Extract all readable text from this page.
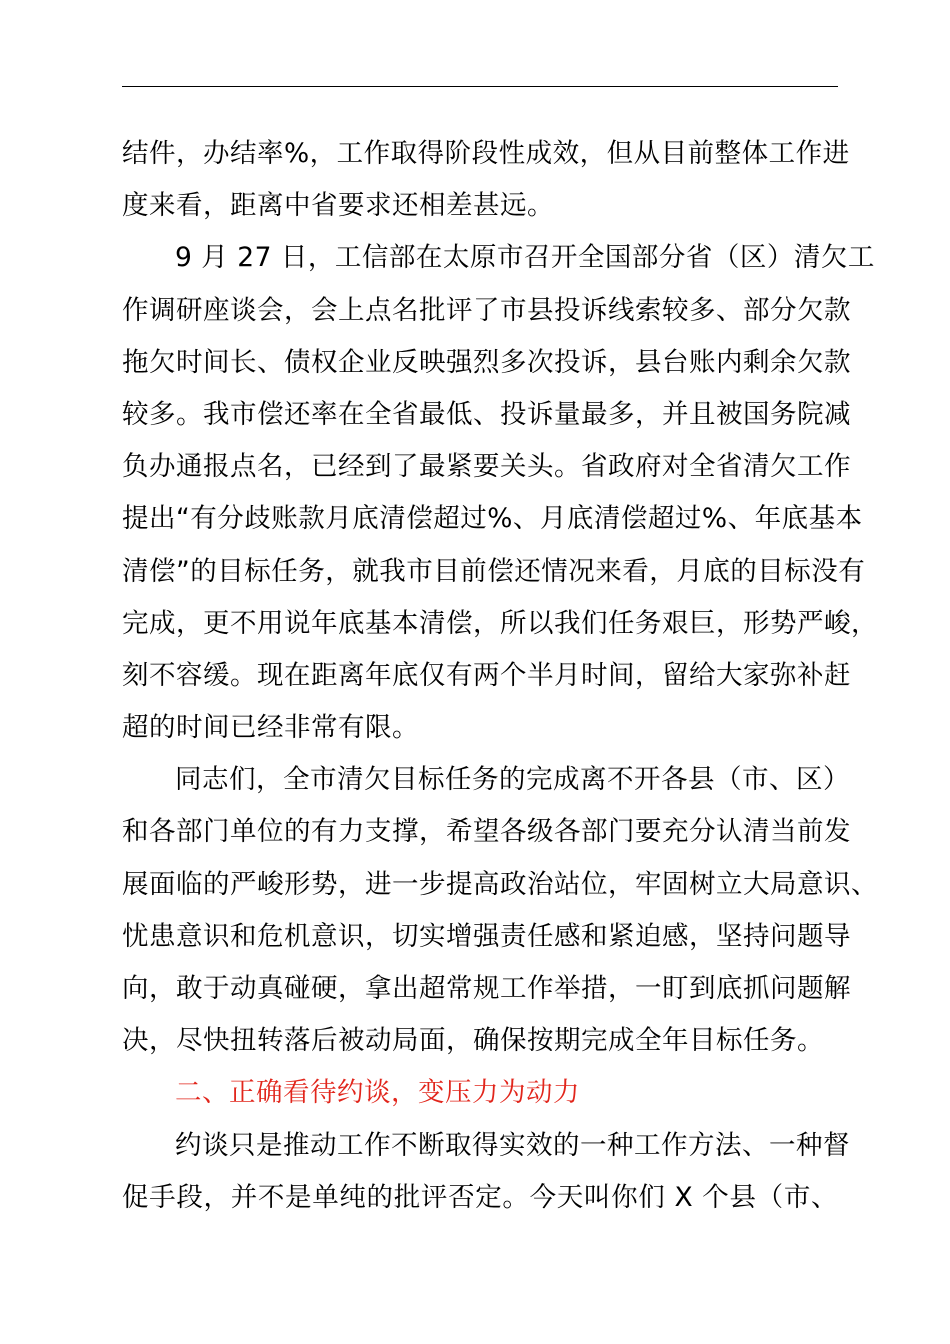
结件，办结率%，工作取得阶段性成效，但从目前整体工作进
度来看，距离中省要求还相差甚远。
9 月 27 日，工信部在太原市召开全国部分省（区）清欠工
作调研座谈会，会上点名批评了市县投诉线索较多、部分欠款
拖欠时间长、债权企业反映强烈多次投诉，县台账内剩余欠款
较多。我市偿还率在全省最低、投诉量最多，并且被国务院减
负办通报点名，已经到了最紧要关头。省政府对全省清欠工作
提出“有分歧账款月底清偿超过%、月底清偿超过%、年底基本
清偿”的目标任务，就我市目前偿还情况来看，月底的目标没有
完成，更不用说年底基本清偿，所以我们任务艰巨，形势严峻，
刻不容缓。现在距离年底仅有两个半月时间，留给大家弥补赶
超的时间已经非常有限。
同志们，全市清欠目标任务的完成离不开各县（市、区）
和各部门单位的有力支撑，希望各级各部门要充分认清当前发
展面临的严峻形势，进一步提高政治站位，牢固树立大局意识、
忧患意识和危机意识，切实增强责任感和紧迫感，坚持问题导
向，敢于动真碰硬，拿出超常规工作举措，一盯到底抓问题解
决，尽快扭转落后被动局面，确保按期完成全年目标任务。
二、正确看待约谈，变压力为动力
约谈只是推动工作不断取得实效的一种工作方法、一种督
促手段，并不是单纯的批评否定。今天叫你们 X 个县（市、
